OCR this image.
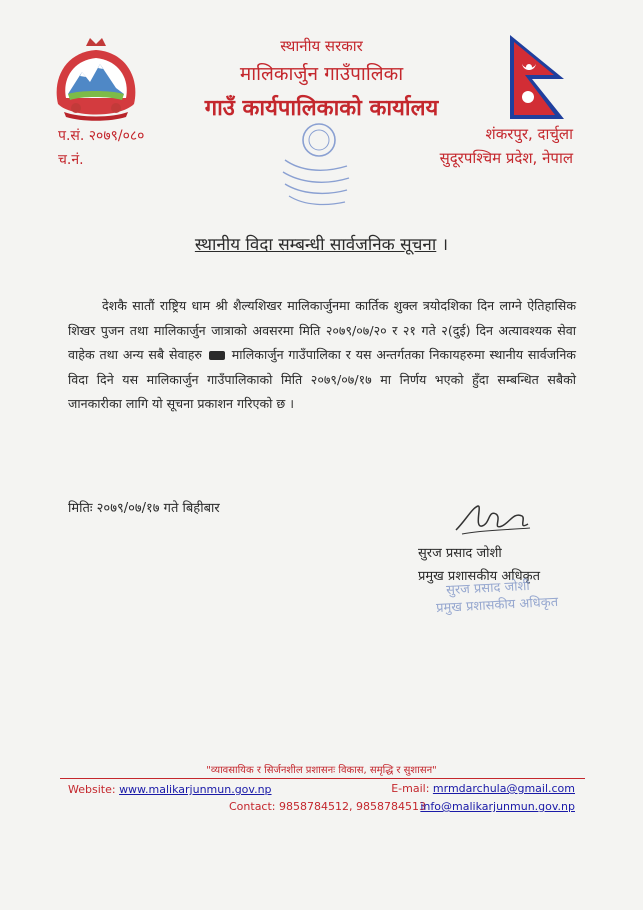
स्थानीय सरकार
मालिकार्जुन गाउँपालिका
गाउँ कार्यपालिकाको कार्यालय
प.सं. २०७९/०८०
च.नं.
शंकरपुर, दार्चुला
सुदूरपश्चिम प्रदेश, नेपाल
स्थानीय विदा सम्बन्धी सार्वजनिक सूचना ।
देशकै सातौं राष्ट्रिय धाम श्री शैल्यशिखर मालिकार्जुनमा कार्तिक शुक्ल त्रयोदशिका दिन लाग्ने ऐतिहासिक शिखर पुजन तथा मालिकार्जुन जात्राको अवसरमा मिति २०७९/०७/२० र २१ गते २(दुई) दिन अत्यावश्यक सेवा वाहेक तथा अन्य सबै सेवाहरु मालिकार्जुन गाउँपालिका र यस अन्तर्गतका निकायहरुमा स्थानीय सार्वजनिक विदा दिने यस मालिकार्जुन गाउँपालिकाको मिति २०७९/०७/१७ मा निर्णय भएको हुँदा सम्बन्धित सबैको जानकारीका लागि यो सूचना प्रकाशन गरिएको छ ।
मितिः २०७९/०७/१७ गते बिहीबार
सुरज प्रसाद जोशी
प्रमुख प्रशासकीय अधिकृत
सुरज प्रसाद जोशी
प्रमुख प्रशासकीय अधिकृत
"व्यावसायिक र सिर्जनशील प्रशासनः विकास, समृद्धि र सुशासन"
Website: www.malikarjunmun.gov.np	E-mail: mrmdarchula@gmail.com
Contact: 9858784512, 9858784513
info@malikarjunmun.gov.np
